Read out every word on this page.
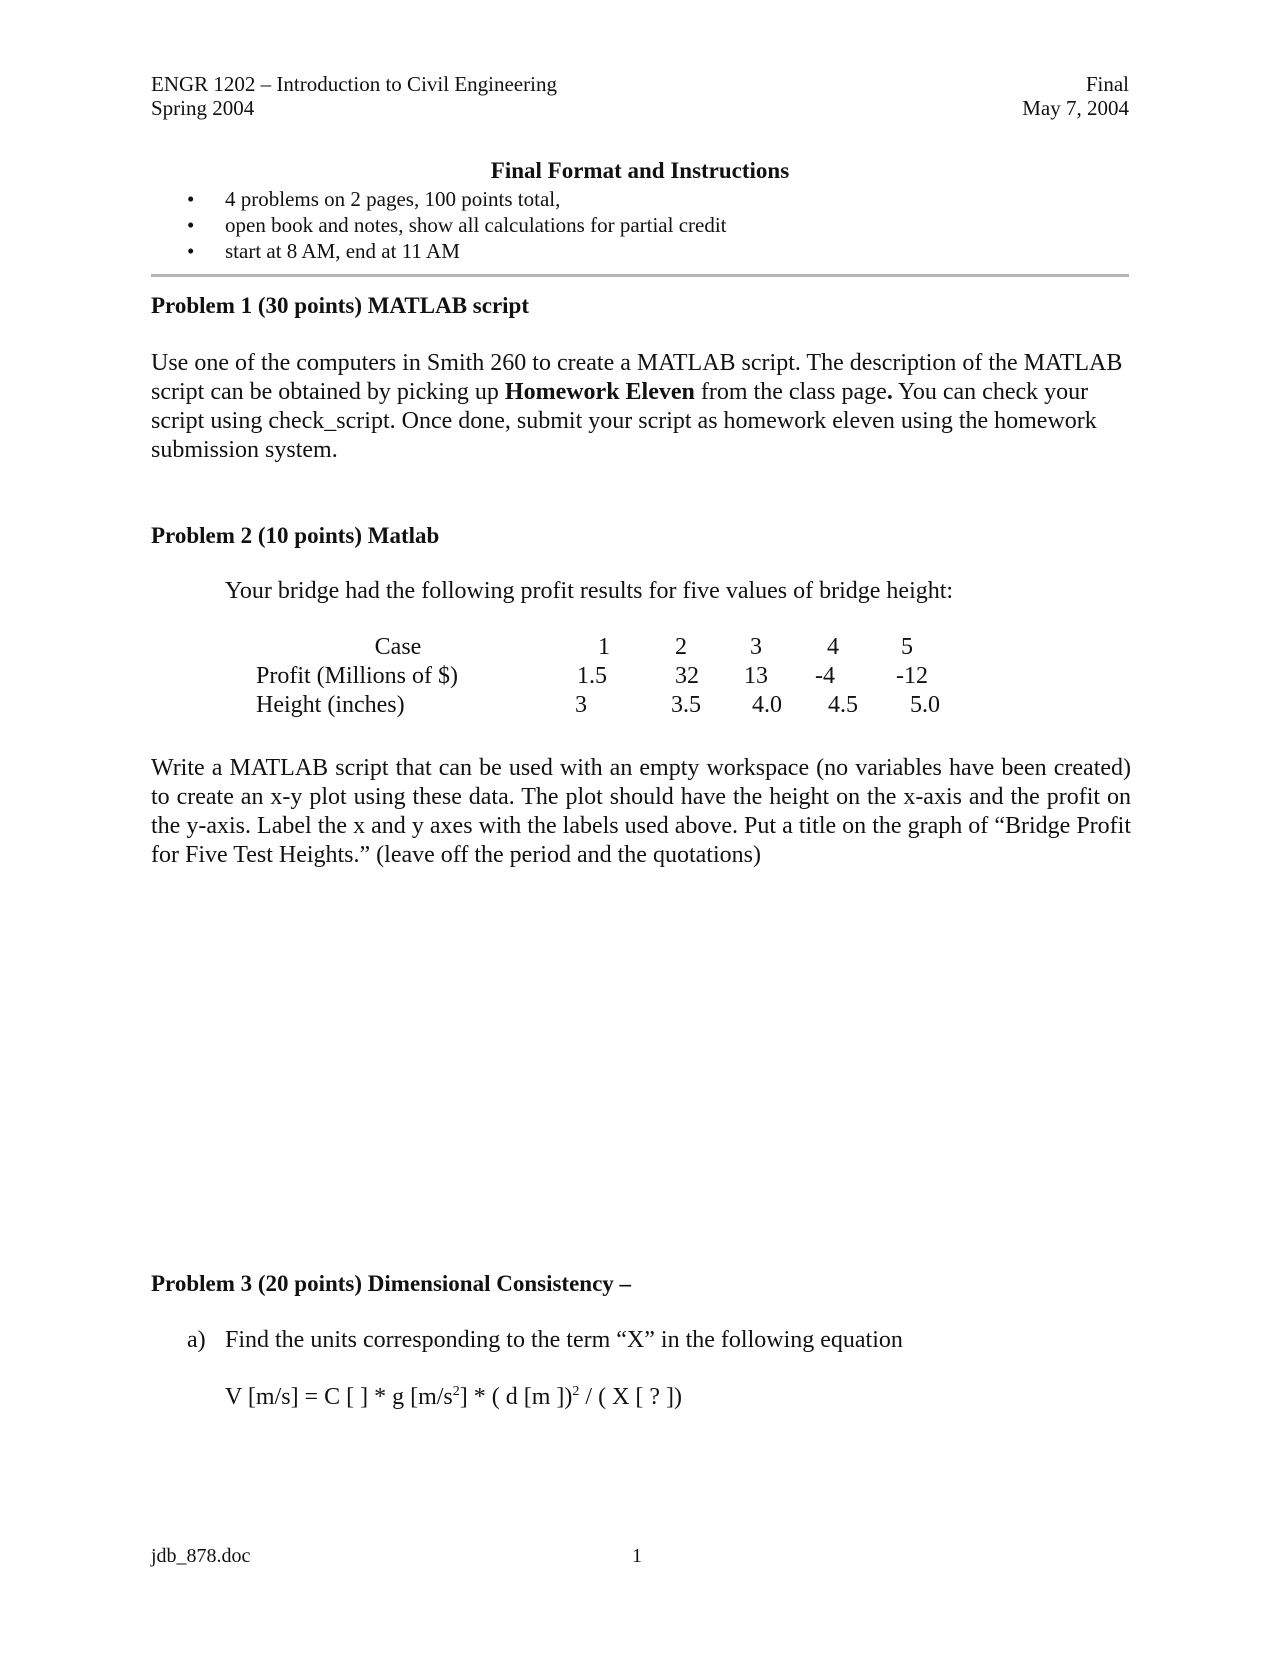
ENGR 1202 – Introduction to Civil Engineering
Spring 2004
Final
May 7, 2004
Final Format and Instructions
• 4 problems on 2 pages, 100 points total,
• open book and notes, show all calculations for partial credit
• start at 8 AM, end at 11 AM
Problem 1 (30 points) MATLAB script
Use one of the computers in Smith 260 to create a MATLAB script. The description of the MATLAB script can be obtained by picking up Homework Eleven from the class page. You can check your script using check_script. Once done, submit your script as homework eleven using the homework submission system.
Problem 2 (10 points) Matlab
Your bridge had the following profit results for five values of bridge height:
Case	1	2	3	4	5
Profit (Millions of $)	1.5	32 13 -4	-12
Height (inches)	3	3.5 4.0 4.5 5.0
Write a MATLAB script that can be used with an empty workspace (no variables have been created) to create an x-y plot using these data. The plot should have the height on the x-axis and the profit on the y-axis. Label the x and y axes with the labels used above. Put a title on the graph of “Bridge Profit for Five Test Heights.” (leave off the period and the quotations)
Problem 3 (20 points) Dimensional Consistency –
a) Find the units corresponding to the term “X” in the following equation
V [m/s] = C [ ] * g $[m/s^2]$ * ( d [m ])$^2$ / ( X [ ? ])
jdb_878.doc	1
